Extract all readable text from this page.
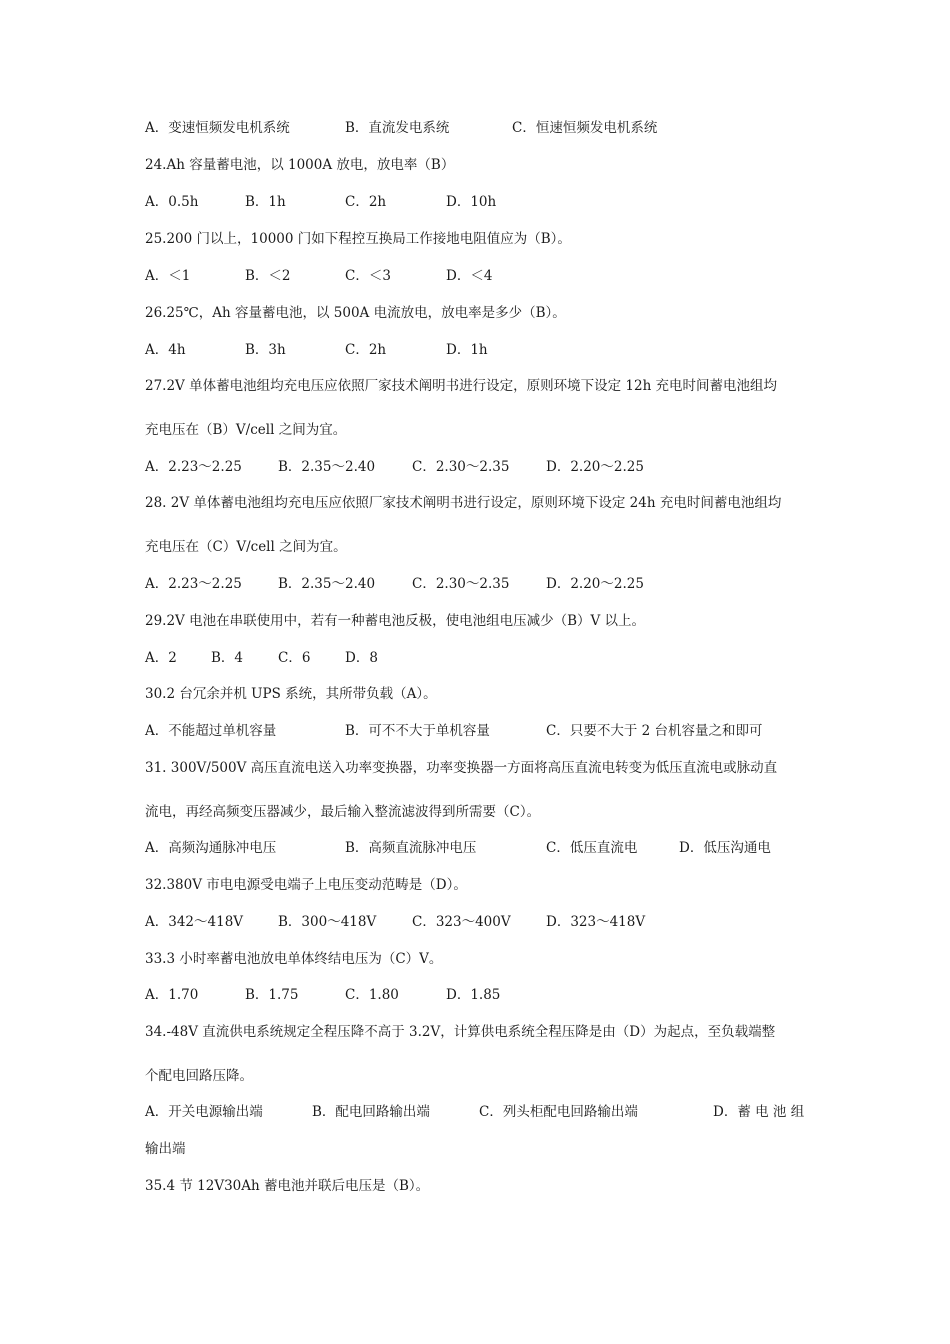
A．变速恒频发电机系统	B．直流发电系统	C．恒速恒频发电机系统
24.Ah 容量蓄电池，以 1000A 放电，放电率（B）
A．0.5h	B．1h	C．2h	D．10h
25.200 门以上，10000 门如下程控互换局工作接地电阻值应为（B）。
A．＜1	B．＜2	C．＜3	D．＜4
26.25℃，Ah 容量蓄电池，以 500A 电流放电，放电率是多少（B）。
A．4h	B．3h	C．2h	D．1h
27.2V 单体蓄电池组均充电压应依照厂家技术阐明书进行设定，原则环境下设定 12h 充电时间蓄电池组均
充电压在（B）V/cell 之间为宜。
A．2.23～2.25	B．2.35～2.40	C．2.30～2.35	D．2.20～2.25
28. 2V 单体蓄电池组均充电压应依照厂家技术阐明书进行设定，原则环境下设定 24h 充电时间蓄电池组均
充电压在（C）V/cell 之间为宜。
A．2.23～2.25	B．2.35～2.40	C．2.30～2.35	D．2.20～2.25
29.2V 电池在串联使用中，若有一种蓄电池反极，使电池组电压减少（B）V 以上。
A．2	B．4	C．6	D．8
30.2 台冗余并机 UPS 系统，其所带负载（A）。
A．不能超过单机容量	B．可不不大于单机容量	C．只要不大于 2 台机容量之和即可
31. 300V/500V 高压直流电送入功率变换器，功率变换器一方面将高压直流电转变为低压直流电或脉动直
流电，再经高频变压器减少，最后输入整流滤波得到所需要（C）。
A．高频沟通脉冲电压	B．高频直流脉冲电压	C．低压直流电	D．低压沟通电
32.380V 市电电源受电端子上电压变动范畴是（D）。
A．342～418V	B．300～418V	C．323～400V	D．323～418V
33.3 小时率蓄电池放电单体终结电压为（C）V。
A．1.70	B．1.75	C．1.80	D．1.85
34.-48V 直流供电系统规定全程压降不高于 3.2V，计算供电系统全程压降是由（D）为起点，至负载端整
个配电回路压降。
A．开关电源输出端	B．配电回路输出端	C．列头柜配电回路输出端	D．蓄 电 池 组
输出端
35.4 节 12V30Ah 蓄电池并联后电压是（B）。
